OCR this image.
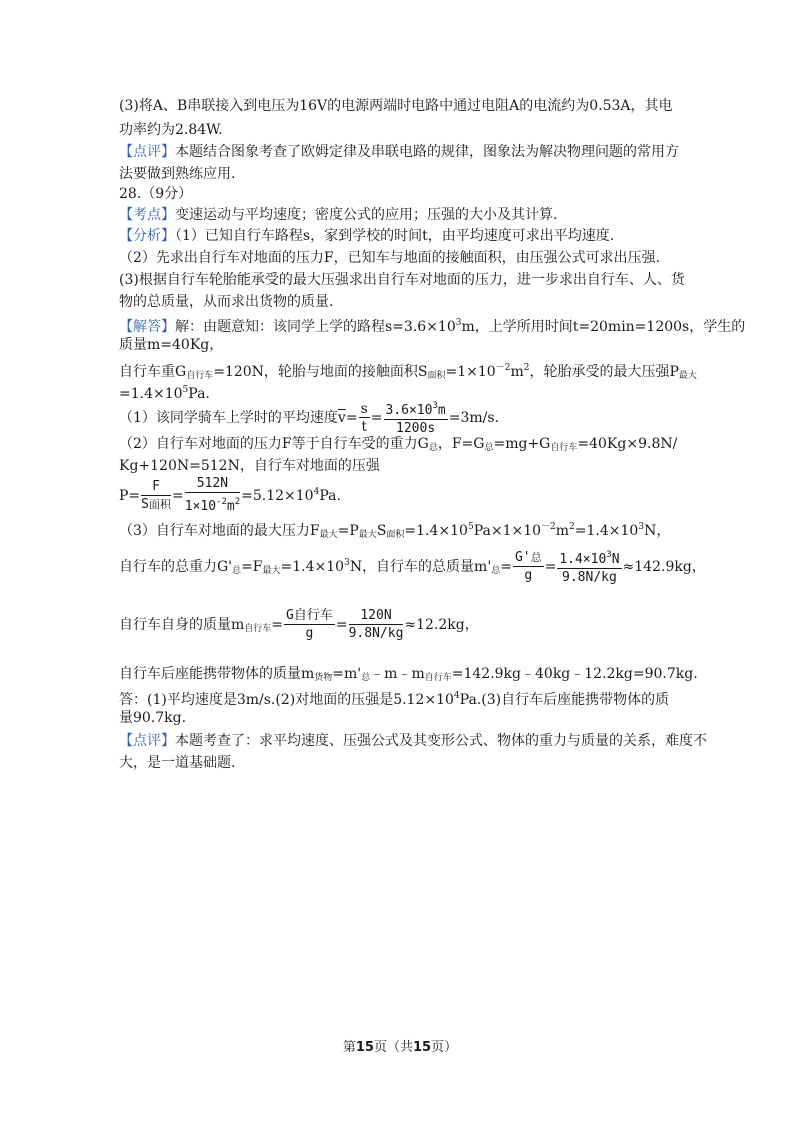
(3)将A、B串联接入到电压为16V的电源两端时电路中通过电阻A的电流约为0.53A，其电
功率约为2.84W.
【点评】本题结合图象考查了欧姆定律及串联电路的规律，图象法为解决物理问题的常用方
法要做到熟练应用.
28.（9分）
【考点】变速运动与平均速度；密度公式的应用；压强的大小及其计算.
【分析】（1）已知自行车路程s，家到学校的时间t，由平均速度可求出平均速度.
（2）先求出自行车对地面的压力F，已知车与地面的接触面积，由压强公式可求出压强.
(3)根据自行车轮胎能承受的最大压强求出自行车对地面的压力，进一步求出自行车、人、货
物的总质量，从而求出货物的质量.
【解答】解：由题意知：该同学上学的路程$s=3.6\times 10^3m$，上学所用时间t=20min=1200s，学生的
质量m=40Kg，
自行车重$G_{自行车}=120N$，轮胎与地面的接触面积$S_{面积}=1\times 10^{-2}m^2$，轮胎承受的最大压强$P_{最大}$
$=1.4\times 10^5Pa$.
（1）该同学骑车上学时的平均速度$\overline{v}= \frac{s}{t} = \frac{3.6\times 10^3m}{1200s} =3m/s$.
（2）自行车对地面的压力F等于自行车受的重力$G_总$，$F=G_总=mg+G_{自行车}=40Kg\times 9.8N/$
Kg+120N=512N，自行车对地面的压强
$P= \frac{F}{\text{S面积}} = \frac{512N}{1\times 10^{-2}m^2} =5.12\times 10^4Pa$.
（3）自行车对地面的最大压力$F_{最大}=P_{最大}S_{面积}=1.4\times 10^5Pa\times 1\times 10^{-2}m^2=1.4\times 10^3N$，
自行车的总重力$G'_总=F_{最大}=1.4\times 10^3N$，自行车的总质量$m'_总= \frac{\text{G'总}}{g} = \frac{1.4\times 10^3N}{9.8N/kg} \approx 142.9kg$，
自行车自身的质量$m_{自行车}= \frac{\text{G自行车}}{g} = \frac{120N}{9.8N/kg} \approx 12.2kg$，
自行车后座能携带物体的质量$m_{货物}=m'_总﹣m﹣m_{自行车}=142.9kg﹣40kg﹣12.2kg=90.7kg$.
答：(1)平均速度是3m/s.(2)对地面的压强是$5.12\times 10^4Pa.(3)$自行车后座能携带物体的质
量90.7kg.
【点评】本题考查了：求平均速度、压强公式及其变形公式、物体的重力与质量的关系，难度不
大，是一道基础题.
第15页（共15页）
